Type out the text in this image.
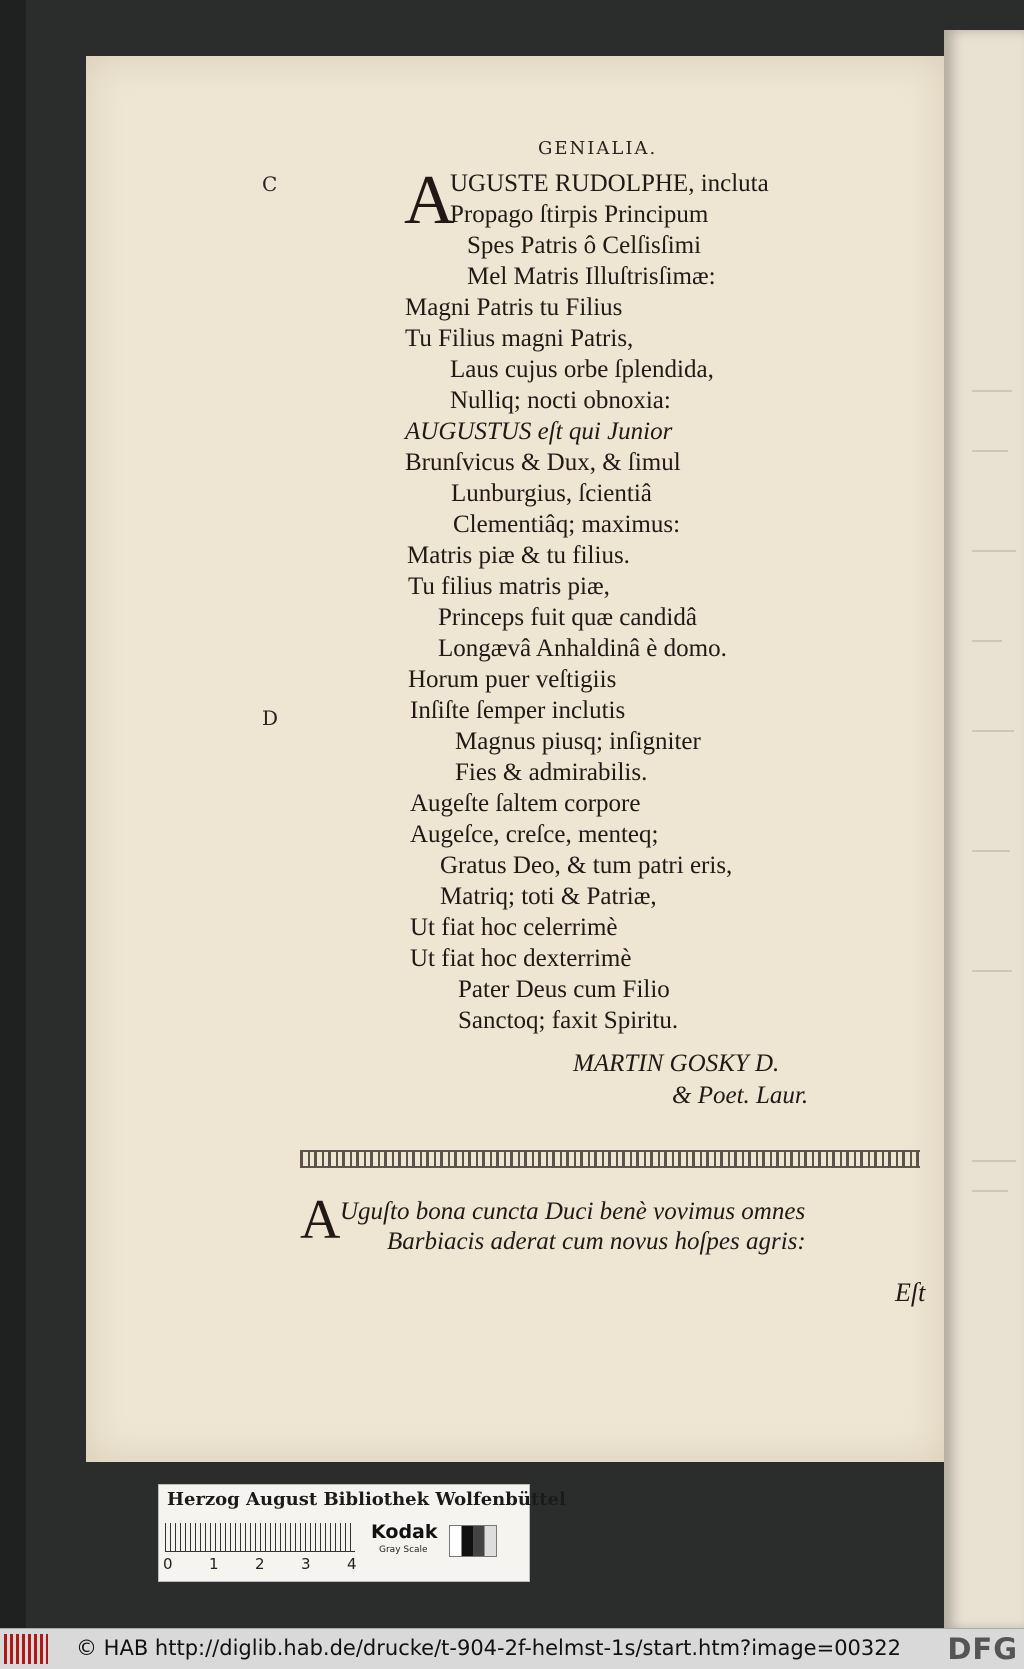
GENIALIA.
C
D
A
UGUSTE RUDOLPHE, incluta
Propago ſtirpis Principum
Spes Patris ô Celſisſimi
Mel Matris Illuſtrisſimæ:
Magni Patris tu Filius
Tu Filius magni Patris,
Laus cujus orbe ſplendida,
Nulliq; nocti obnoxia:
AUGUSTUS eſt qui Junior
Brunſvicus & Dux, & ſimul
Lunburgius, ſcientiâ
Clementiâq; maximus:
Matris piæ & tu filius.
Tu filius matris piæ,
Princeps fuit quæ candidâ
Longævâ Anhaldinâ è domo.
Horum puer veſtigiis
Inſiſte ſemper inclutis
Magnus piusq; inſigniter
Fies & admirabilis.
Augeſte ſaltem corpore
Augeſce, creſce, menteq;
Gratus Deo, & tum patri eris,
Matriq; toti & Patriæ,
Ut fiat hoc celerrimè
Ut fiat hoc dexterrimè
Pater Deus cum Filio
Sanctoq; faxit Spiritu.
MARTIN GOSKY D.
& Poet. Laur.
A Uguſto bona cuncta Duci benè vovimus omnes
Barbiacis aderat cum novus hoſpes agris:
Eſt
Herzog August Bibliothek Wolfenbüttel
0 1 2 3 4
Kodak
Gray Scale
© HAB http://diglib.hab.de/drucke/t-904-2f-helmst-1s/start.htm?image=00322 DFG
